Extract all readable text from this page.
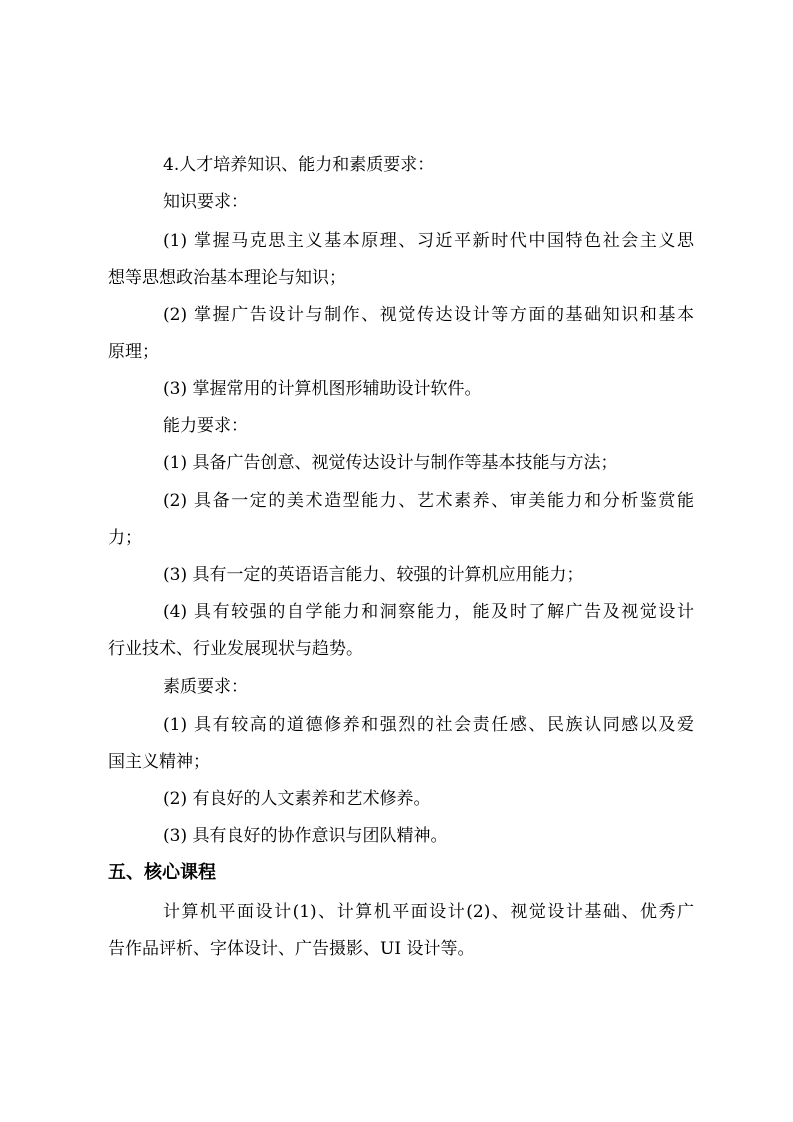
4.人才培养知识、能力和素质要求：
知识要求：
(1) 掌握马克思主义基本原理、习近平新时代中国特色社会主义思
想等思想政治基本理论与知识；
(2) 掌握广告设计与制作、视觉传达设计等方面的基础知识和基本
原理；
(3) 掌握常用的计算机图形辅助设计软件。
能力要求：
(1) 具备广告创意、视觉传达设计与制作等基本技能与方法；
(2) 具备一定的美术造型能力、艺术素养、审美能力和分析鉴赏能
力；
(3) 具有一定的英语语言能力、较强的计算机应用能力；
(4) 具有较强的自学能力和洞察能力，能及时了解广告及视觉设计
行业技术、行业发展现状与趋势。
素质要求：
(1) 具有较高的道德修养和强烈的社会责任感、民族认同感以及爱
国主义精神；
(2) 有良好的人文素养和艺术修养。
(3) 具有良好的协作意识与团队精神。
五、核心课程
计算机平面设计(1)、计算机平面设计(2)、视觉设计基础、优秀广
告作品评析、字体设计、广告摄影、UI 设计等。
